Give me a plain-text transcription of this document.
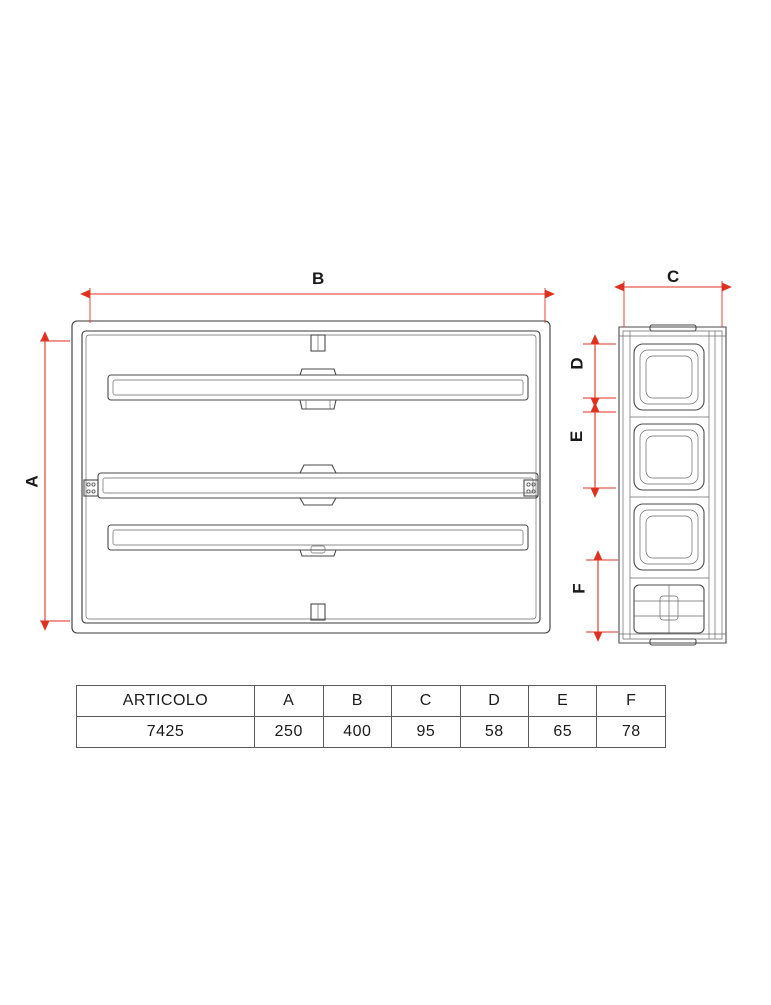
B
A
C
D
E
F
ARTICOLO	A	B	C	D	E	F
7425	250	400	95	58	65	78
